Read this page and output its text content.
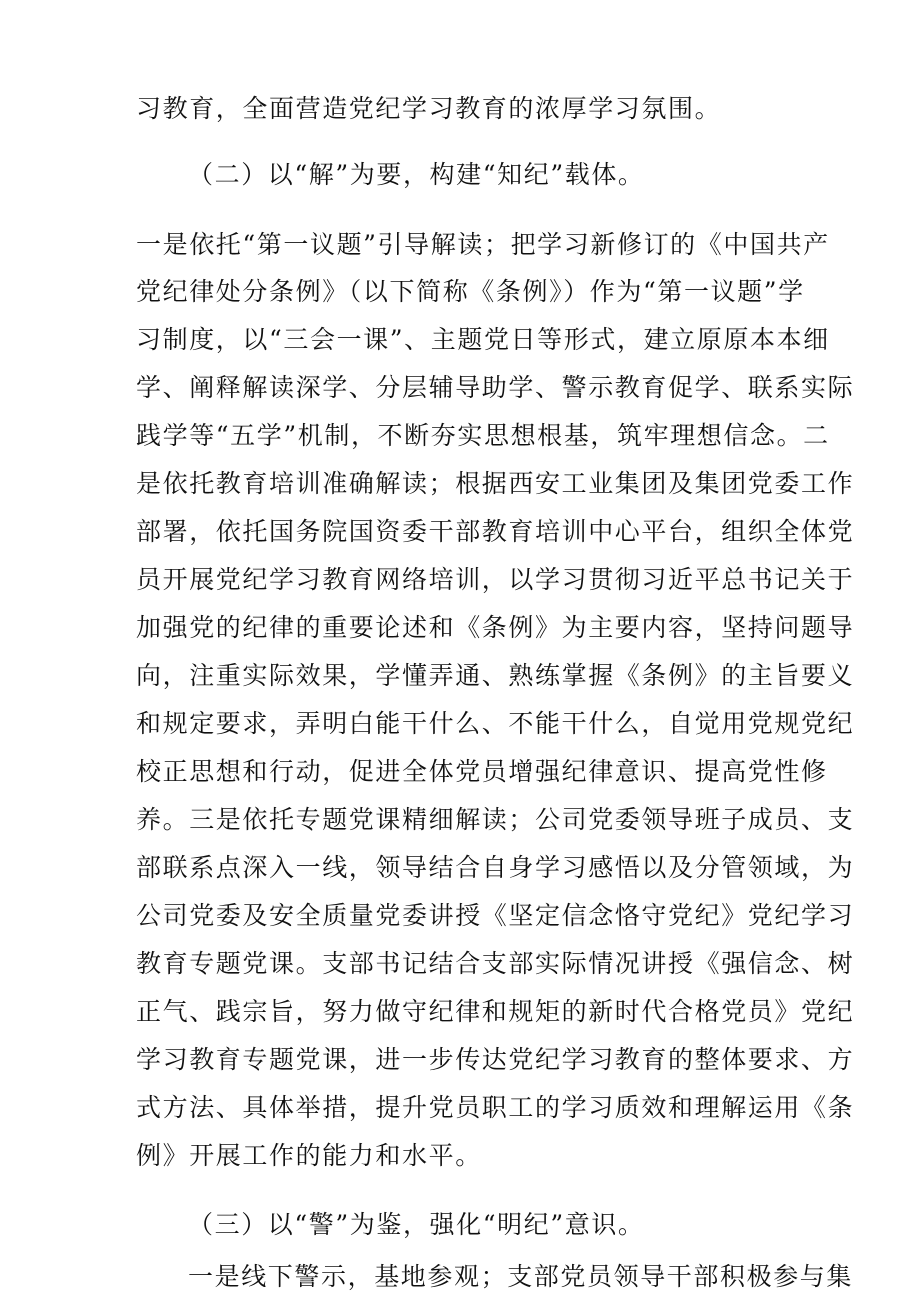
习教育，全面营造党纪学习教育的浓厚学习氛围。
（二）以“解”为要，构建“知纪”载体。
一是依托“第一议题”引导解读；把学习新修订的《中国共产
党纪律处分条例》（以下简称《条例》）作为“第一议题”学
习制度，以“三会一课”、主题党日等形式，建立原原本本细
学、阐释解读深学、分层辅导助学、警示教育促学、联系实际
践学等“五学”机制，不断夯实思想根基，筑牢理想信念。二
是依托教育培训准确解读；根据西安工业集团及集团党委工作
部署，依托国务院国资委干部教育培训中心平台，组织全体党
员开展党纪学习教育网络培训，以学习贯彻习近平总书记关于
加强党的纪律的重要论述和《条例》为主要内容，坚持问题导
向，注重实际效果，学懂弄通、熟练掌握《条例》的主旨要义
和规定要求，弄明白能干什么、不能干什么，自觉用党规党纪
校正思想和行动，促进全体党员增强纪律意识、提高党性修
养。三是依托专题党课精细解读；公司党委领导班子成员、支
部联系点深入一线，领导结合自身学习感悟以及分管领域，为
公司党委及安全质量党委讲授《坚定信念恪守党纪》党纪学习
教育专题党课。支部书记结合支部实际情况讲授《强信念、树
正气、践宗旨，努力做守纪律和规矩的新时代合格党员》党纪
学习教育专题党课，进一步传达党纪学习教育的整体要求、方
式方法、具体举措，提升党员职工的学习质效和理解运用《条
例》开展工作的能力和水平。
（三）以“警”为鉴，强化“明纪”意识。
一是线下警示，基地参观；支部党员领导干部积极参与集
